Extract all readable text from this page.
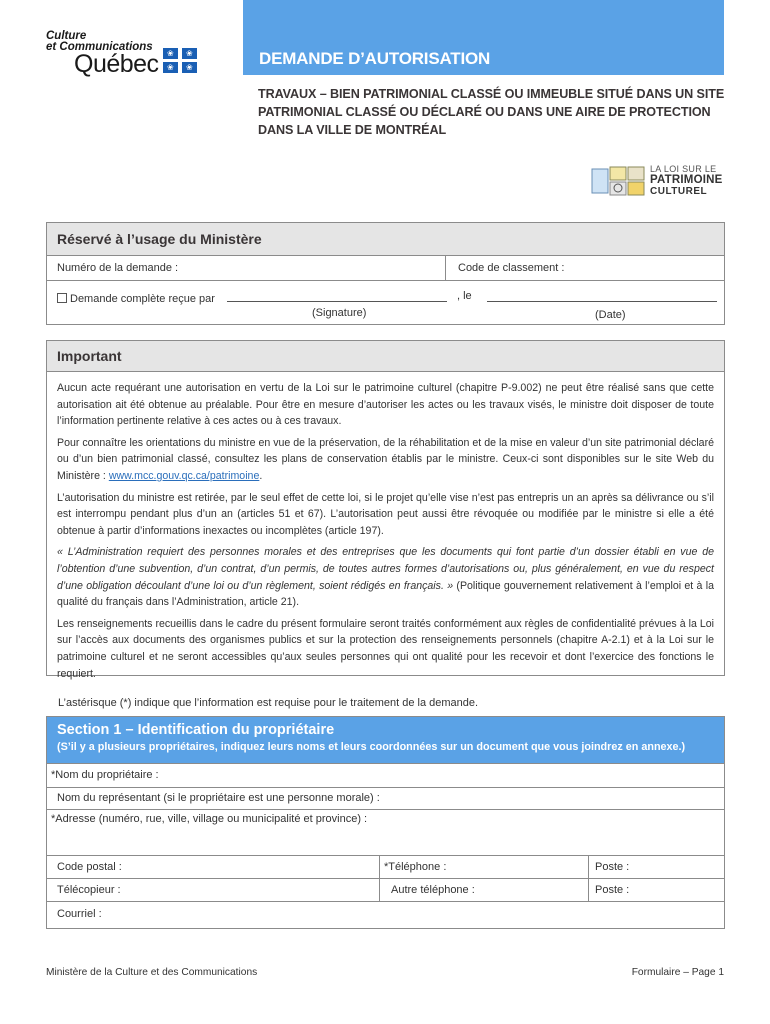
Culture
et Communications
Québec ❀ ❀ ❀ ❀	DEMANDE D’AUTORISATION
TRAVAUX – BIEN PATRIMONIAL CLASSÉ OU IMMEUBLE SITUÉ DANS UN SITE
PATRIMONIAL CLASSÉ OU DÉCLARÉ OU DANS UNE AIRE DE PROTECTION
DANS LA VILLE DE MONTRÉAL
LA LOI SUR LE
PATRIMOINE
CULTUREL
Réservé à l’usage du Ministère
Numéro de la demande :	Code de classement :
Demande complète reçue par	, le
(Signature)	(Date)
Important

Aucun acte requérant une autorisation en vertu de la Loi sur le patrimoine culturel (chapitre P-9.002) ne peut être réalisé sans que cette autorisation ait été obtenue au préalable. Pour être en mesure d’autoriser les actes ou les travaux visés, le ministre doit disposer de toute l’information pertinente relative à ces actes ou à ces travaux.

Pour connaître les orientations du ministre en vue de la préservation, de la réhabilitation et de la mise en valeur d’un site patrimonial déclaré ou d’un bien patrimonial classé, consultez les plans de conservation établis par le ministre. Ceux-ci sont disponibles sur le site Web du Ministère : www.mcc.gouv.qc.ca/patrimoine.

L’autorisation du ministre est retirée, par le seul effet de cette loi, si le projet qu’elle vise n’est pas entrepris un an après sa délivrance ou s’il est interrompu pendant plus d’un an (articles 51 et 67). L’autorisation peut aussi être révoquée ou modifiée par le ministre si elle a été obtenue à partir d’informations inexactes ou incomplètes (article 197).

« L’Administration requiert des personnes morales et des entreprises que les documents qui font partie d’un dossier établi en vue de l’obtention d’une subvention, d’un contrat, d’un permis, de toutes autres formes d’autorisations ou, plus généralement, en vue du respect d’une obligation découlant d’une loi ou d’un règlement, soient rédigés en français. » (Politique gouvernement relativement à l’emploi et à la qualité du français dans l’Administration, article 21).

Les renseignements recueillis dans le cadre du présent formulaire seront traités conformément aux règles de confidentialité prévues à la Loi sur l’accès aux documents des organismes publics et sur la protection des renseignements personnels (chapitre A-2.1) et à la Loi sur le patrimoine culturel et ne seront accessibles qu’aux seules personnes qui ont qualité pour les recevoir et dont l’exercice des fonctions le requiert.

L’astérisque (*) indique que l’information est requise pour le traitement de la demande.
Section 1 – Identification du propriétaire
(S’il y a plusieurs propriétaires, indiquez leurs noms et leurs coordonnées sur un document que vous joindrez en annexe.)
*Nom du propriétaire :
Nom du représentant (si le propriétaire est une personne morale) :
*Adresse (numéro, rue, ville, village ou municipalité et province) :
Code postal :	*Téléphone :	Poste :
Télécopieur :	Autre téléphone :	Poste :
Courriel :
Ministère de la Culture et des Communications	Formulaire – Page 1
